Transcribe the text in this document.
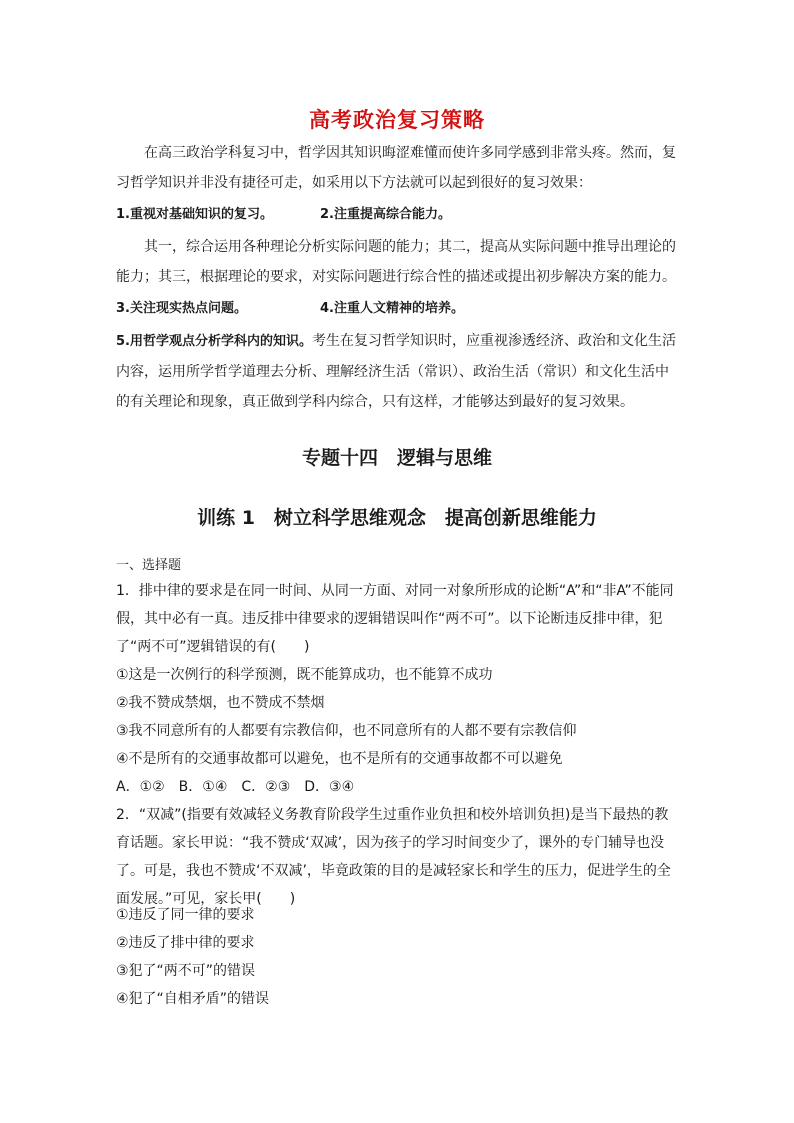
高考政治复习策略
在高三政治学科复习中，哲学因其知识晦涩难懂而使许多同学感到非常头疼。然而，复习哲学知识并非没有捷径可走，如采用以下方法就可以起到很好的复习效果：
1.重视对基础知识的复习。	2.注重提高综合能力。
其一，综合运用各种理论分析实际问题的能力；其二，提高从实际问题中推导出理论的能力；其三，根据理论的要求，对实际问题进行综合性的描述或提出初步解决方案的能力。
3.关注现实热点问题。	4.注重人文精神的培养。
5.用哲学观点分析学科内的知识。考生在复习哲学知识时，应重视渗透经济、政治和文化生活内容，运用所学哲学道理去分析、理解经济生活（常识）、政治生活（常识）和文化生活中的有关理论和现象，真正做到学科内综合，只有这样，才能够达到最好的复习效果。
专题十四　逻辑与思维
训练 1　树立科学思维观念　提高创新思维能力
一、选择题
1．排中律的要求是在同一时间、从同一方面、对同一对象所形成的论断“A”和“非A”不能同假，其中必有一真。违反排中律要求的逻辑错误叫作“两不可”。以下论断违反排中律，犯了“两不可”逻辑错误的有(　　)
①这是一次例行的科学预测，既不能算成功，也不能算不成功
②我不赞成禁烟，也不赞成不禁烟
③我不同意所有的人都要有宗教信仰，也不同意所有的人都不要有宗教信仰
④不是所有的交通事故都可以避免，也不是所有的交通事故都不可以避免
A．①②　B．①④　C．②③　D．③④
2．“双减”(指要有效减轻义务教育阶段学生过重作业负担和校外培训负担)是当下最热的教育话题。家长甲说：“我不赞成‘双减’，因为孩子的学习时间变少了，课外的专门辅导也没了。可是，我也不赞成‘不双减’，毕竟政策的目的是减轻家长和学生的压力，促进学生的全面发展。”可见，家长甲(　　)
①违反了同一律的要求
②违反了排中律的要求
③犯了“两不可”的错误
④犯了“自相矛盾”的错误
